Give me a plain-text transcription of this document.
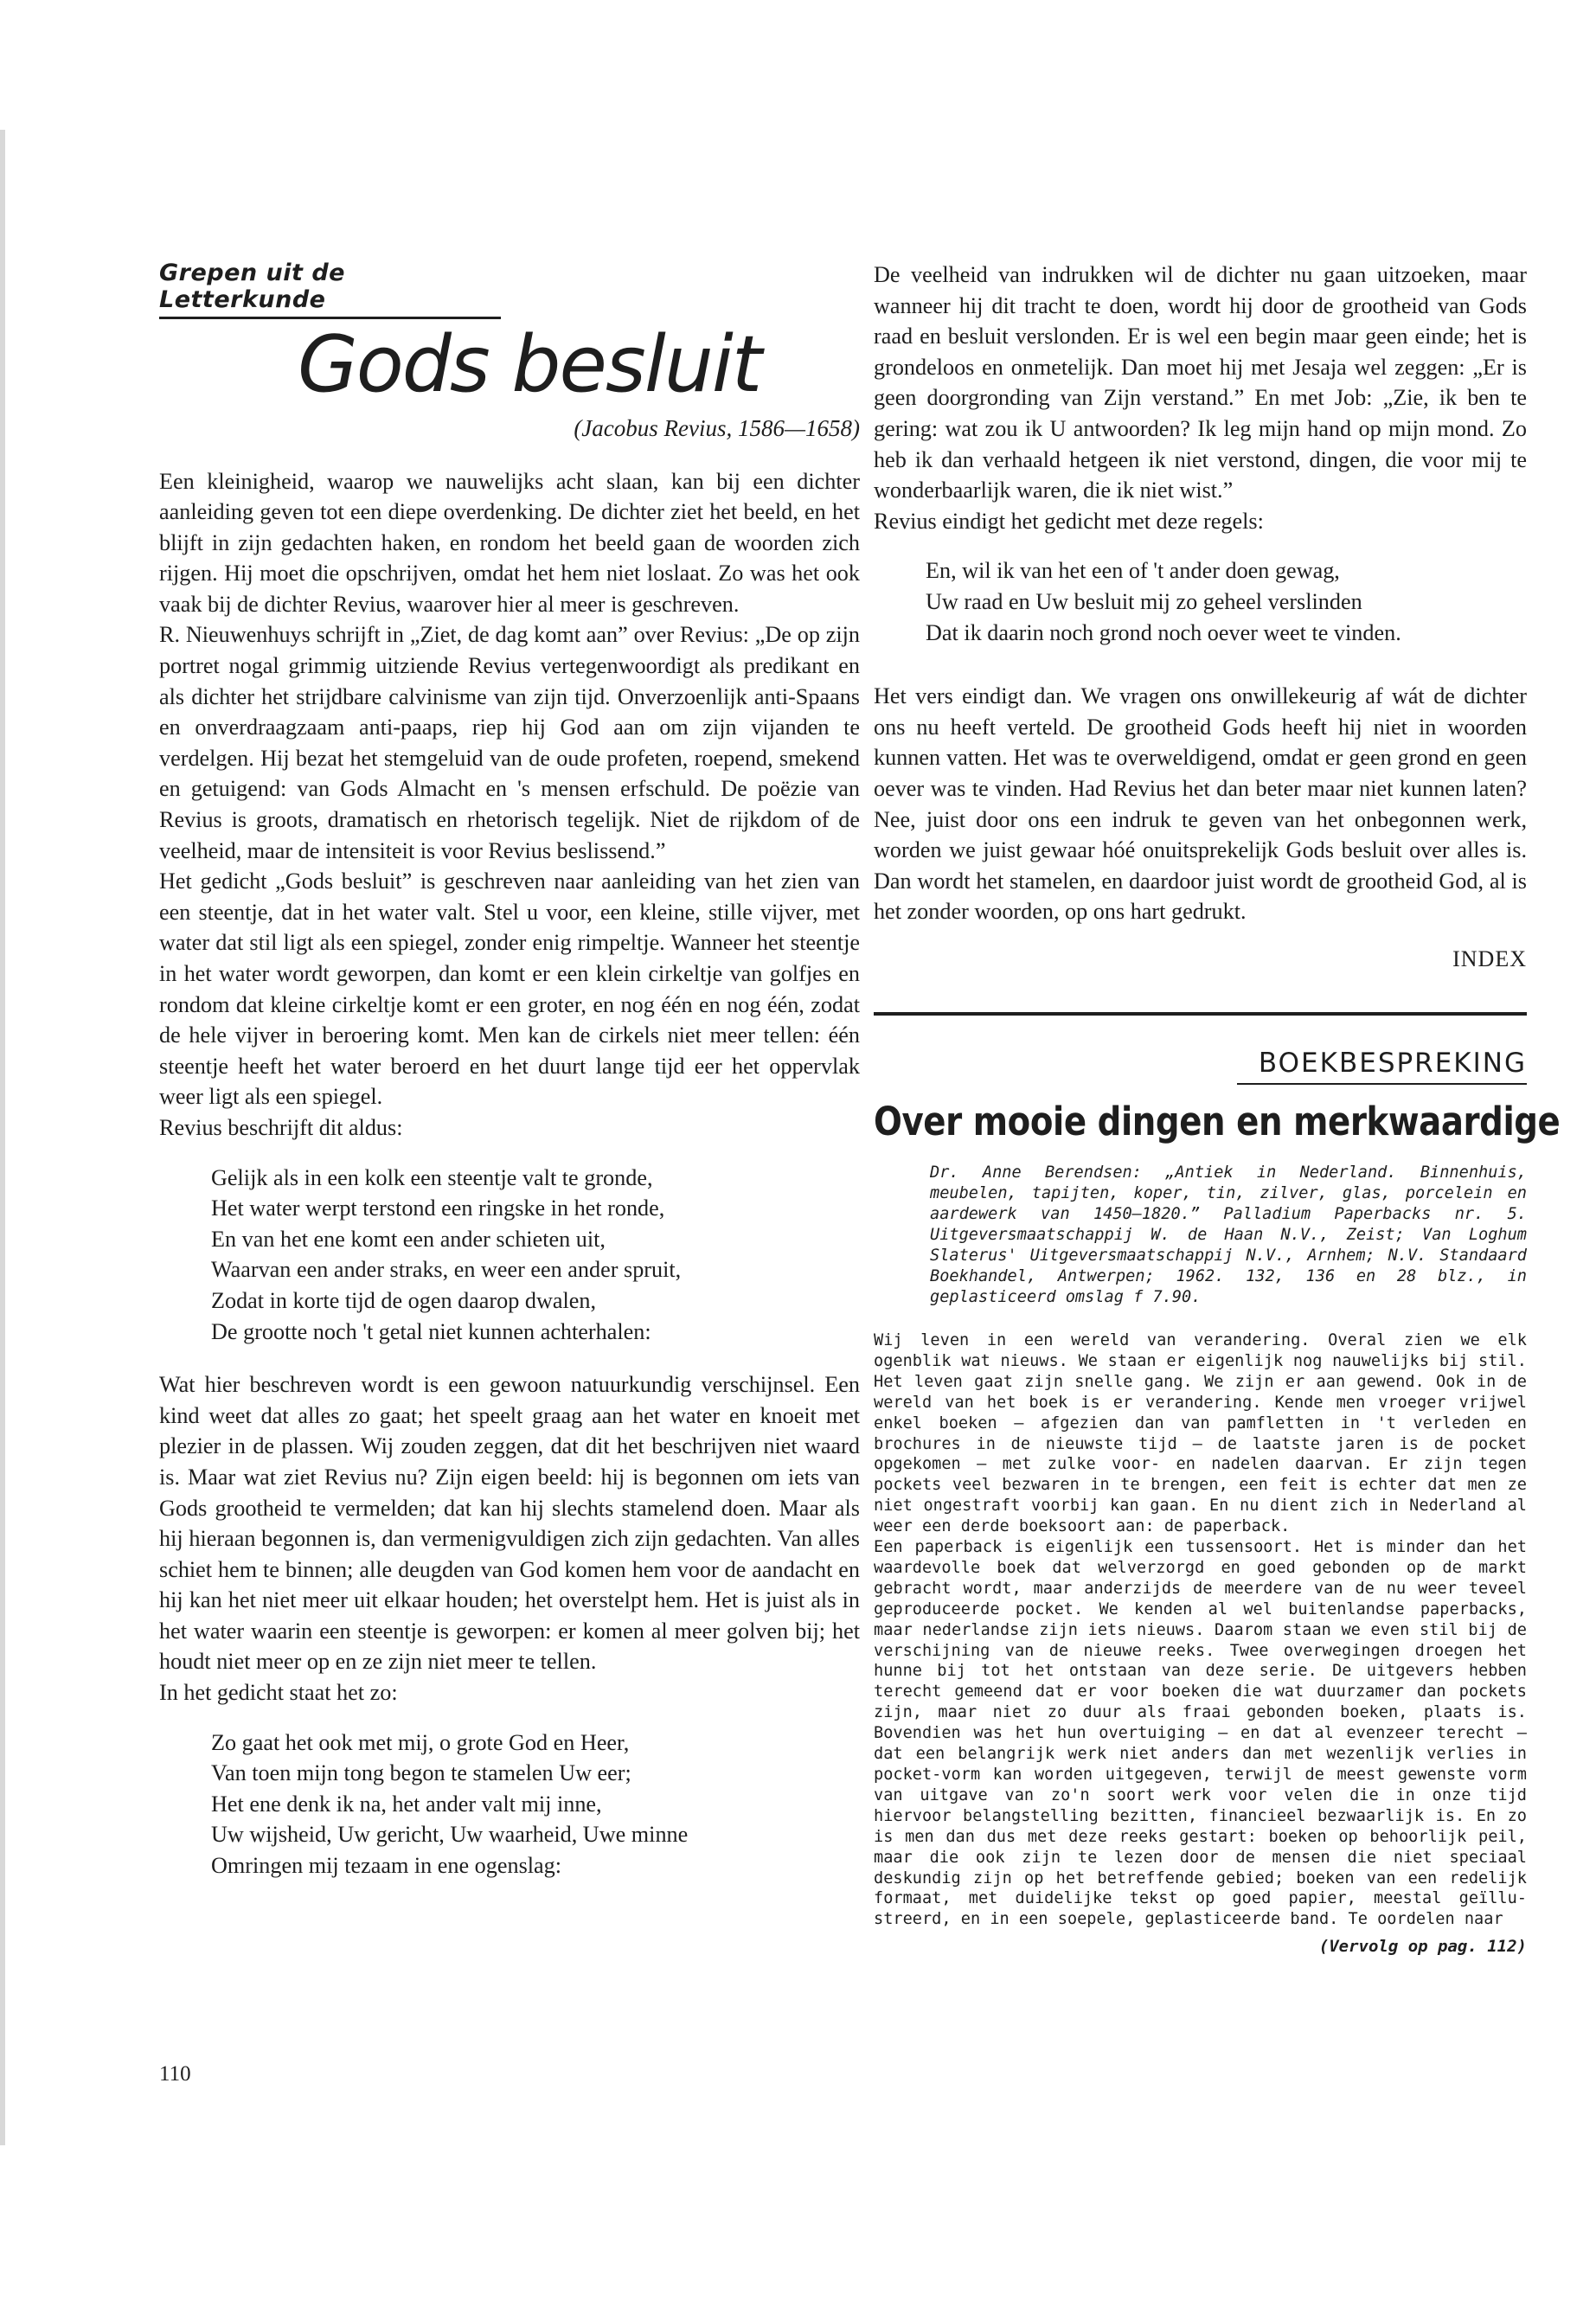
Grepen uit de Letterkunde
Gods besluit
(Jacobus Revius, 1586—1658)

Een kleinigheid, waarop we nauwelijks acht slaan, kan bij een dichter aanleiding geven tot een diepe overdenking. De dichter ziet het beeld, en het blijft in zijn gedachten haken, en rondom het beeld gaan de woorden zich rijgen. Hij moet die opschrijven, omdat het hem niet loslaat. Zo was het ook vaak bij de dichter Revius, waarover hier al meer is geschreven.

R. Nieuwenhuys schrijft in „Ziet, de dag komt aan” over Revius: „De op zijn portret nogal grimmig uitziende Revius vertegenwoordigt als predikant en als dichter het strijdbare calvinisme van zijn tijd. Onverzoenlijk anti-Spaans en onverdraagzaam anti-paaps, riep hij God aan om zijn vijanden te verdelgen. Hij bezat het stemgeluid van de oude profeten, roepend, smekend en getuigend: van Gods Almacht en 's mensen erfschuld. De poëzie van Revius is groots, dramatisch en rhetorisch tegelijk. Niet de rijkdom of de veelheid, maar de intensiteit is voor Revius beslissend.”

Het gedicht „Gods besluit” is geschreven naar aanleiding van het zien van een steentje, dat in het water valt. Stel u voor, een kleine, stille vijver, met water dat stil ligt als een spiegel, zonder enig rimpeltje. Wanneer het steentje in het water wordt geworpen, dan komt er een klein cirkeltje van golfjes en rondom dat kleine cirkeltje komt er een groter, en nog één en nog één, zodat de hele vijver in beroering komt. Men kan de cirkels niet meer tellen: één steentje heeft het water beroerd en het duurt lange tijd eer het oppervlak weer ligt als een spiegel.

Revius beschrijft dit aldus:

Gelijk als in een kolk een steentje valt te gronde,
Het water werpt terstond een ringske in het ronde,
En van het ene komt een ander schieten uit,
Waarvan een ander straks, en weer een ander spruit,
Zodat in korte tijd de ogen daarop dwalen,
De grootte noch 't getal niet kunnen achterhalen:

Wat hier beschreven wordt is een gewoon natuurkundig verschijnsel. Een kind weet dat alles zo gaat; het speelt graag aan het water en knoeit met plezier in de plassen. Wij zouden zeggen, dat dit het beschrijven niet waard is. Maar wat ziet Revius nu? Zijn eigen beeld: hij is begonnen om iets van Gods grootheid te vermelden; dat kan hij slechts stamelend doen. Maar als hij hieraan begonnen is, dan vermenigvuldigen zich zijn gedachten. Van alles schiet hem te binnen; alle deugden van God komen hem voor de aandacht en hij kan het niet meer uit elkaar houden; het overstelpt hem. Het is juist als in het water waarin een steentje is geworpen: er komen al meer golven bij; het houdt niet meer op en ze zijn niet meer te tellen.

In het gedicht staat het zo:

Zo gaat het ook met mij, o grote God en Heer,
Van toen mijn tong begon te stamelen Uw eer;
Het ene denk ik na, het ander valt mij inne,
Uw wijsheid, Uw gericht, Uw waarheid, Uwe minne
Omringen mij tezaam in ene ogenslag:

De veelheid van indrukken wil de dichter nu gaan uitzoeken, maar wanneer hij dit tracht te doen, wordt hij door de grootheid van Gods raad en besluit verslonden. Er is wel een begin maar geen einde; het is grondeloos en onmetelijk. Dan moet hij met Jesaja wel zeggen: „Er is geen doorgronding van Zijn verstand.” En met Job: „Zie, ik ben te gering: wat zou ik U antwoorden? Ik leg mijn hand op mijn mond. Zo heb ik dan verhaald hetgeen ik niet verstond, dingen, die voor mij te wonderbaarlijk waren, die ik niet wist.”

Revius eindigt het gedicht met deze regels:

En, wil ik van het een of 't ander doen gewag,
Uw raad en Uw besluit mij zo geheel verslinden
Dat ik daarin noch grond noch oever weet te vinden.

Het vers eindigt dan. We vragen ons onwillekeurig af wát de dichter ons nu heeft verteld. De grootheid Gods heeft hij niet in woorden kunnen vatten. Het was te overweldigend, omdat er geen grond en geen oever was te vinden. Had Revius het dan beter maar niet kunnen laten? Nee, juist door ons een indruk te geven van het onbegonnen werk, worden we juist gewaar hóé onuitsprekelijk Gods besluit over alles is. Dan wordt het stamelen, en daardoor juist wordt de grootheid God, al is het zonder woorden, op ons hart gedrukt.

INDEX
BOEKBESPREKING
Over mooie dingen en merkwaardige
Dr. Anne Berendsen: „Antiek in Nederland. Binnenhuis, meubelen, tapijten, koper, tin, zilver, glas, porcelein en aardewerk van 1450—1820.” Palladium Paperbacks nr. 5. Uitgeversmaatschappij W. de Haan N.V., Zeist; Van Loghum Slaterus' Uitgeversmaatschappij N.V., Arnhem; N.V. Standaard Boekhandel, Antwerpen; 1962. 132, 136 en 28 blz., in geplasticeerd omslag f 7.90.

Wij leven in een wereld van verandering. Overal zien we elk ogenblik wat nieuws. We staan er eigenlijk nog nauwelijks bij stil. Het leven gaat zijn snelle gang. We zijn er aan gewend. Ook in de wereld van het boek is er verandering. Kende men vroeger vrijwel enkel boeken — afgezien dan van pamfletten in 't verleden en brochures in de nieuwste tijd — de laatste jaren is de pocket opgekomen — met zulke voor- en nadelen daarvan. Er zijn tegen pockets veel bezwaren in te brengen, een feit is echter dat men ze niet ongestraft voorbij kan gaan. En nu dient zich in Nederland al weer een derde boeksoort aan: de paperback.

Een paperback is eigenlijk een tussensoort. Het is minder dan het waardevolle boek dat welverzorgd en goed gebonden op de markt gebracht wordt, maar anderzijds de meerdere van de nu weer teveel geproduceerde pocket. We kenden al wel buitenlandse paperbacks, maar nederlandse zijn iets nieuws. Daarom staan we even stil bij de verschijning van de nieuwe reeks. Twee overwegingen droegen het hunne bij tot het ontstaan van deze serie. De uitgevers hebben terecht gemeend dat er voor boeken die wat duurzamer dan pockets zijn, maar niet zo duur als fraai gebonden boeken, plaats is. Bovendien was het hun overtuiging — en dat al evenzeer terecht — dat een belangrijk werk niet anders dan met wezenlijk verlies in pocket-vorm kan worden uitgegeven, terwijl de meest gewenste vorm van uitgave van zo'n soort werk voor velen die in onze tijd hiervoor belangstelling bezitten, financieel bezwaarlijk is. En zo is men dan dus met deze reeks gestart: boeken op behoorlijk peil, maar die ook zijn te lezen door de mensen die niet speciaal deskundig zijn op het betreffende gebied; boeken van een redelijk formaat, met duidelijke tekst op goed papier, meestal geïllustreerd, en in een soepele, geplasticeerde band. Te oordelen naar

(Vervolg op pag. 112)
110
